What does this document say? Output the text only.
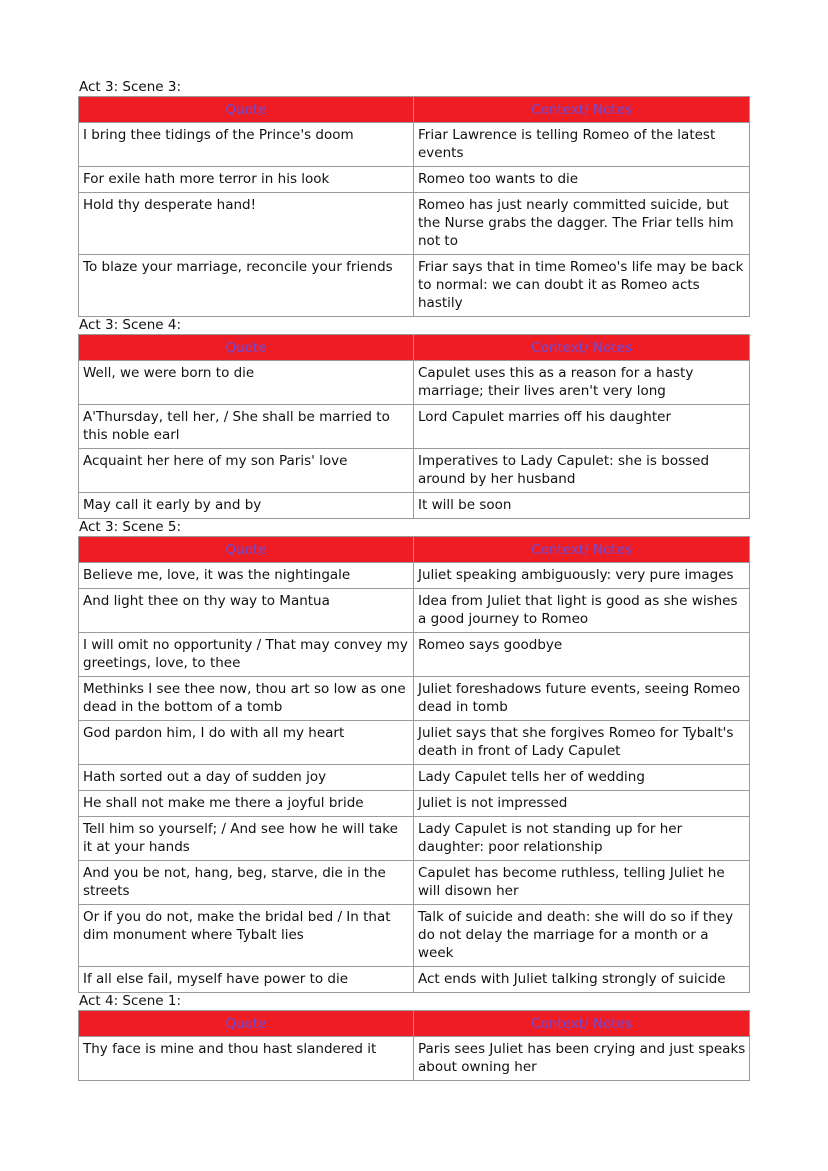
Act 3: Scene 3:
Quote	Context/ Notes
I bring thee tidings of the Prince's doom	Friar Lawrence is telling Romeo of the latest events
For exile hath more terror in his look	Romeo too wants to die
Hold thy desperate hand!	Romeo has just nearly committed suicide, but the Nurse grabs the dagger. The Friar tells him not to
To blaze your marriage, reconcile your friends	Friar says that in time Romeo's life may be back to normal: we can doubt it as Romeo acts hastily
Act 3: Scene 4:
Quote	Context/ Notes
Well, we were born to die	Capulet uses this as a reason for a hasty marriage; their lives aren't very long
A'Thursday, tell her, / She shall be married to this noble earl	Lord Capulet marries off his daughter
Acquaint her here of my son Paris' love	Imperatives to Lady Capulet: she is bossed around by her husband
May call it early by and by	It will be soon
Act 3: Scene 5:
Quote	Context/ Notes
Believe me, love, it was the nightingale	Juliet speaking ambiguously: very pure images
And light thee on thy way to Mantua	Idea from Juliet that light is good as she wishes a good journey to Romeo
I will omit no opportunity / That may convey my greetings, love, to thee	Romeo says goodbye
Methinks I see thee now, thou art so low as one dead in the bottom of a tomb	Juliet foreshadows future events, seeing Romeo dead in tomb
God pardon him, I do with all my heart	Juliet says that she forgives Romeo for Tybalt's death in front of Lady Capulet
Hath sorted out a day of sudden joy	Lady Capulet tells her of wedding
He shall not make me there a joyful bride	Juliet is not impressed
Tell him so yourself; / And see how he will take it at your hands	Lady Capulet is not standing up for her daughter: poor relationship
And you be not, hang, beg, starve, die in the streets	Capulet has become ruthless, telling Juliet he will disown her
Or if you do not, make the bridal bed / In that dim monument where Tybalt lies	Talk of suicide and death: she will do so if they do not delay the marriage for a month or a week
If all else fail, myself have power to die	Act ends with Juliet talking strongly of suicide
Act 4: Scene 1:
Quote	Context/ Notes
Thy face is mine and thou hast slandered it	Paris sees Juliet has been crying and just speaks about owning her
